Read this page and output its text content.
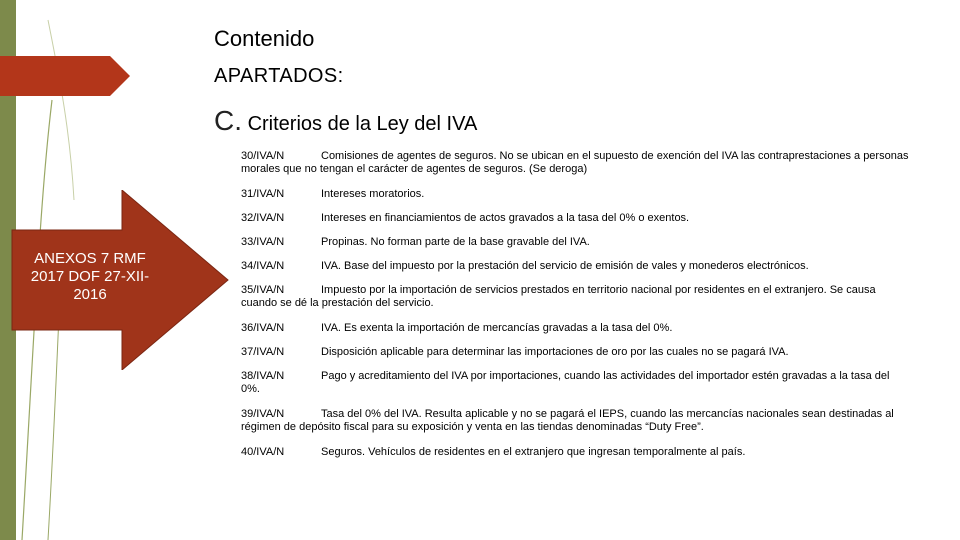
Contenido
APARTADOS:
C. Criterios de la Ley del IVA
ANEXOS 7 RMF 2017 DOF 27-XII-2016
30/IVA/N	Comisiones de agentes de seguros. No se ubican en el supuesto de exención del IVA las contraprestaciones a personas morales que no tengan el carácter de agentes de seguros. (Se deroga)
31/IVA/N	Intereses moratorios.
32/IVA/N	Intereses en financiamientos de actos gravados a la tasa del 0% o exentos.
33/IVA/N	Propinas. No forman parte de la base gravable del IVA.
34/IVA/N	IVA. Base del impuesto por la prestación del servicio de emisión de vales y monederos electrónicos.
35/IVA/N	Impuesto por la importación de servicios prestados en territorio nacional por residentes en el extranjero. Se causa cuando se dé la prestación del servicio.
36/IVA/N	IVA. Es exenta la importación de mercancías gravadas a la tasa del 0%.
37/IVA/N	Disposición aplicable para determinar las importaciones de oro por las cuales no se pagará IVA.
38/IVA/N	Pago y acreditamiento del IVA por importaciones, cuando las actividades del importador estén gravadas a la tasa del 0%.
39/IVA/N	Tasa del 0% del IVA. Resulta aplicable y no se pagará el IEPS, cuando las mercancías nacionales sean destinadas al régimen de depósito fiscal para su exposición y venta en las tiendas denominadas “Duty Free”.
40/IVA/N	Seguros. Vehículos de residentes en el extranjero que ingresan temporalmente al país.
